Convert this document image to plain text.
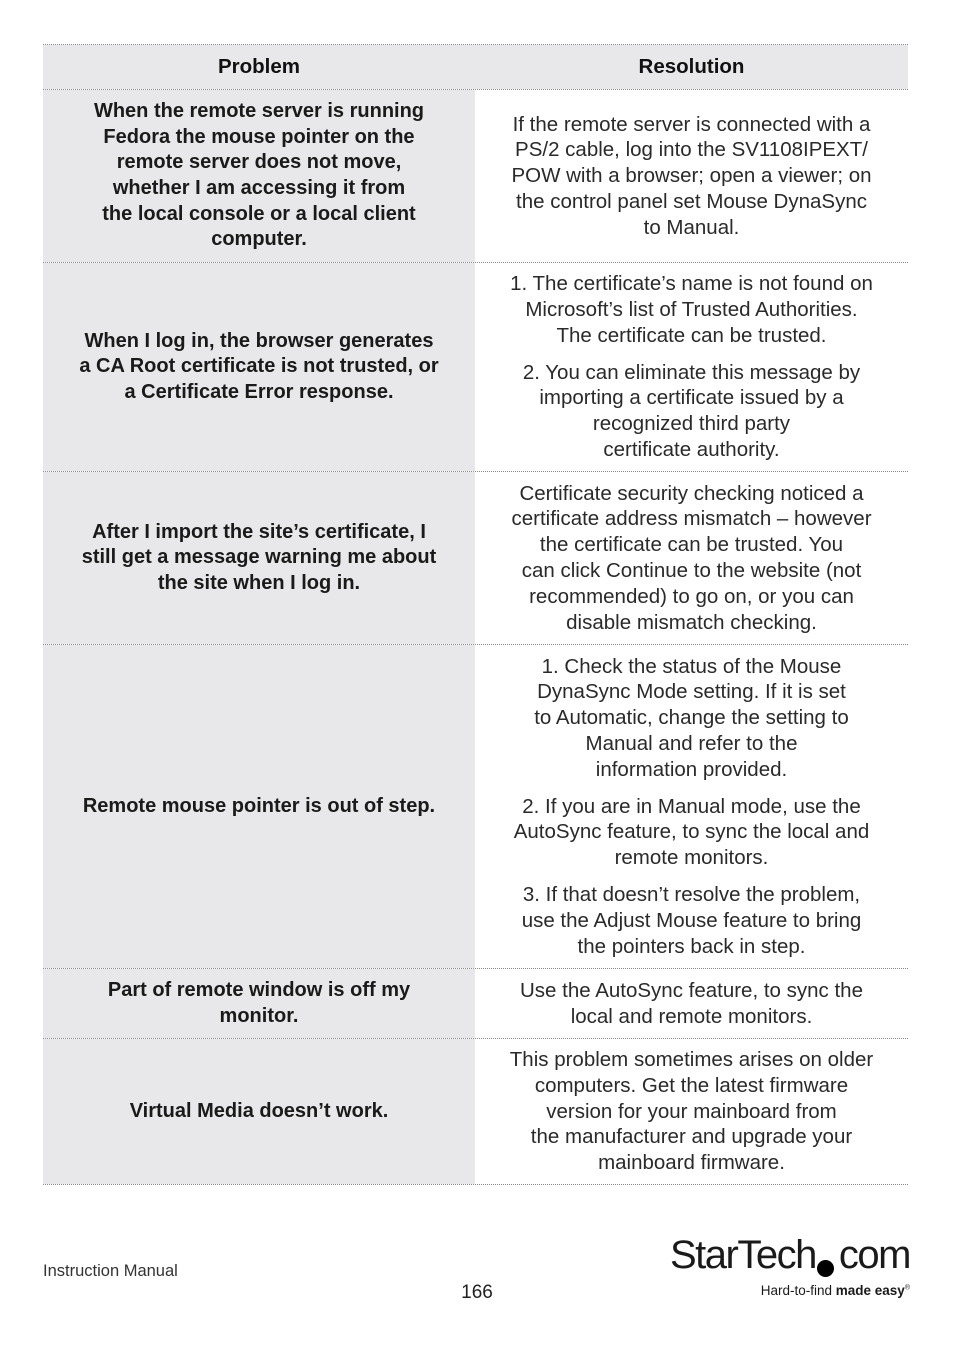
Problem	Resolution
When the remote server is running
Fedora the mouse pointer on the
remote server does not move,
whether I am accessing it from
the local console or a local client
computer.
If the remote server is connected with a
PS/2 cable, log into the SV1108IPEXT/
POW with a browser; open a viewer; on
the control panel set Mouse DynaSync
to Manual.
When I log in, the browser generates
a CA Root certificate is not trusted, or
a Certificate Error response.
1. The certificate’s name is not found on
Microsoft’s list of Trusted Authorities.
The certificate can be trusted.
2. You can eliminate this message by
importing a certificate issued by a
recognized third party
certificate authority.
After I import the site’s certificate, I
still get a message warning me about
the site when I log in.
Certificate security checking noticed a
certificate address mismatch – however
the certificate can be trusted. You
can click Continue to the website (not
recommended) to go on, or you can
disable mismatch checking.
Remote mouse pointer is out of step.
1. Check the status of the Mouse
DynaSync Mode setting. If it is set
to Automatic, change the setting to
Manual and refer to the
information provided.
2. If you are in Manual mode, use the
AutoSync feature, to sync the local and
remote monitors.
3. If that doesn’t resolve the problem,
use the Adjust Mouse feature to bring
the pointers back in step.
Part of remote window is off my
monitor.
Use the AutoSync feature, to sync the
local and remote monitors.
Virtual Media doesn’t work.
This problem sometimes arises on older
computers. Get the latest firmware
version for your mainboard from
the manufacturer and upgrade your
mainboard firmware.
Instruction Manual
166
StarTech com
Hard-to-find made easy®
